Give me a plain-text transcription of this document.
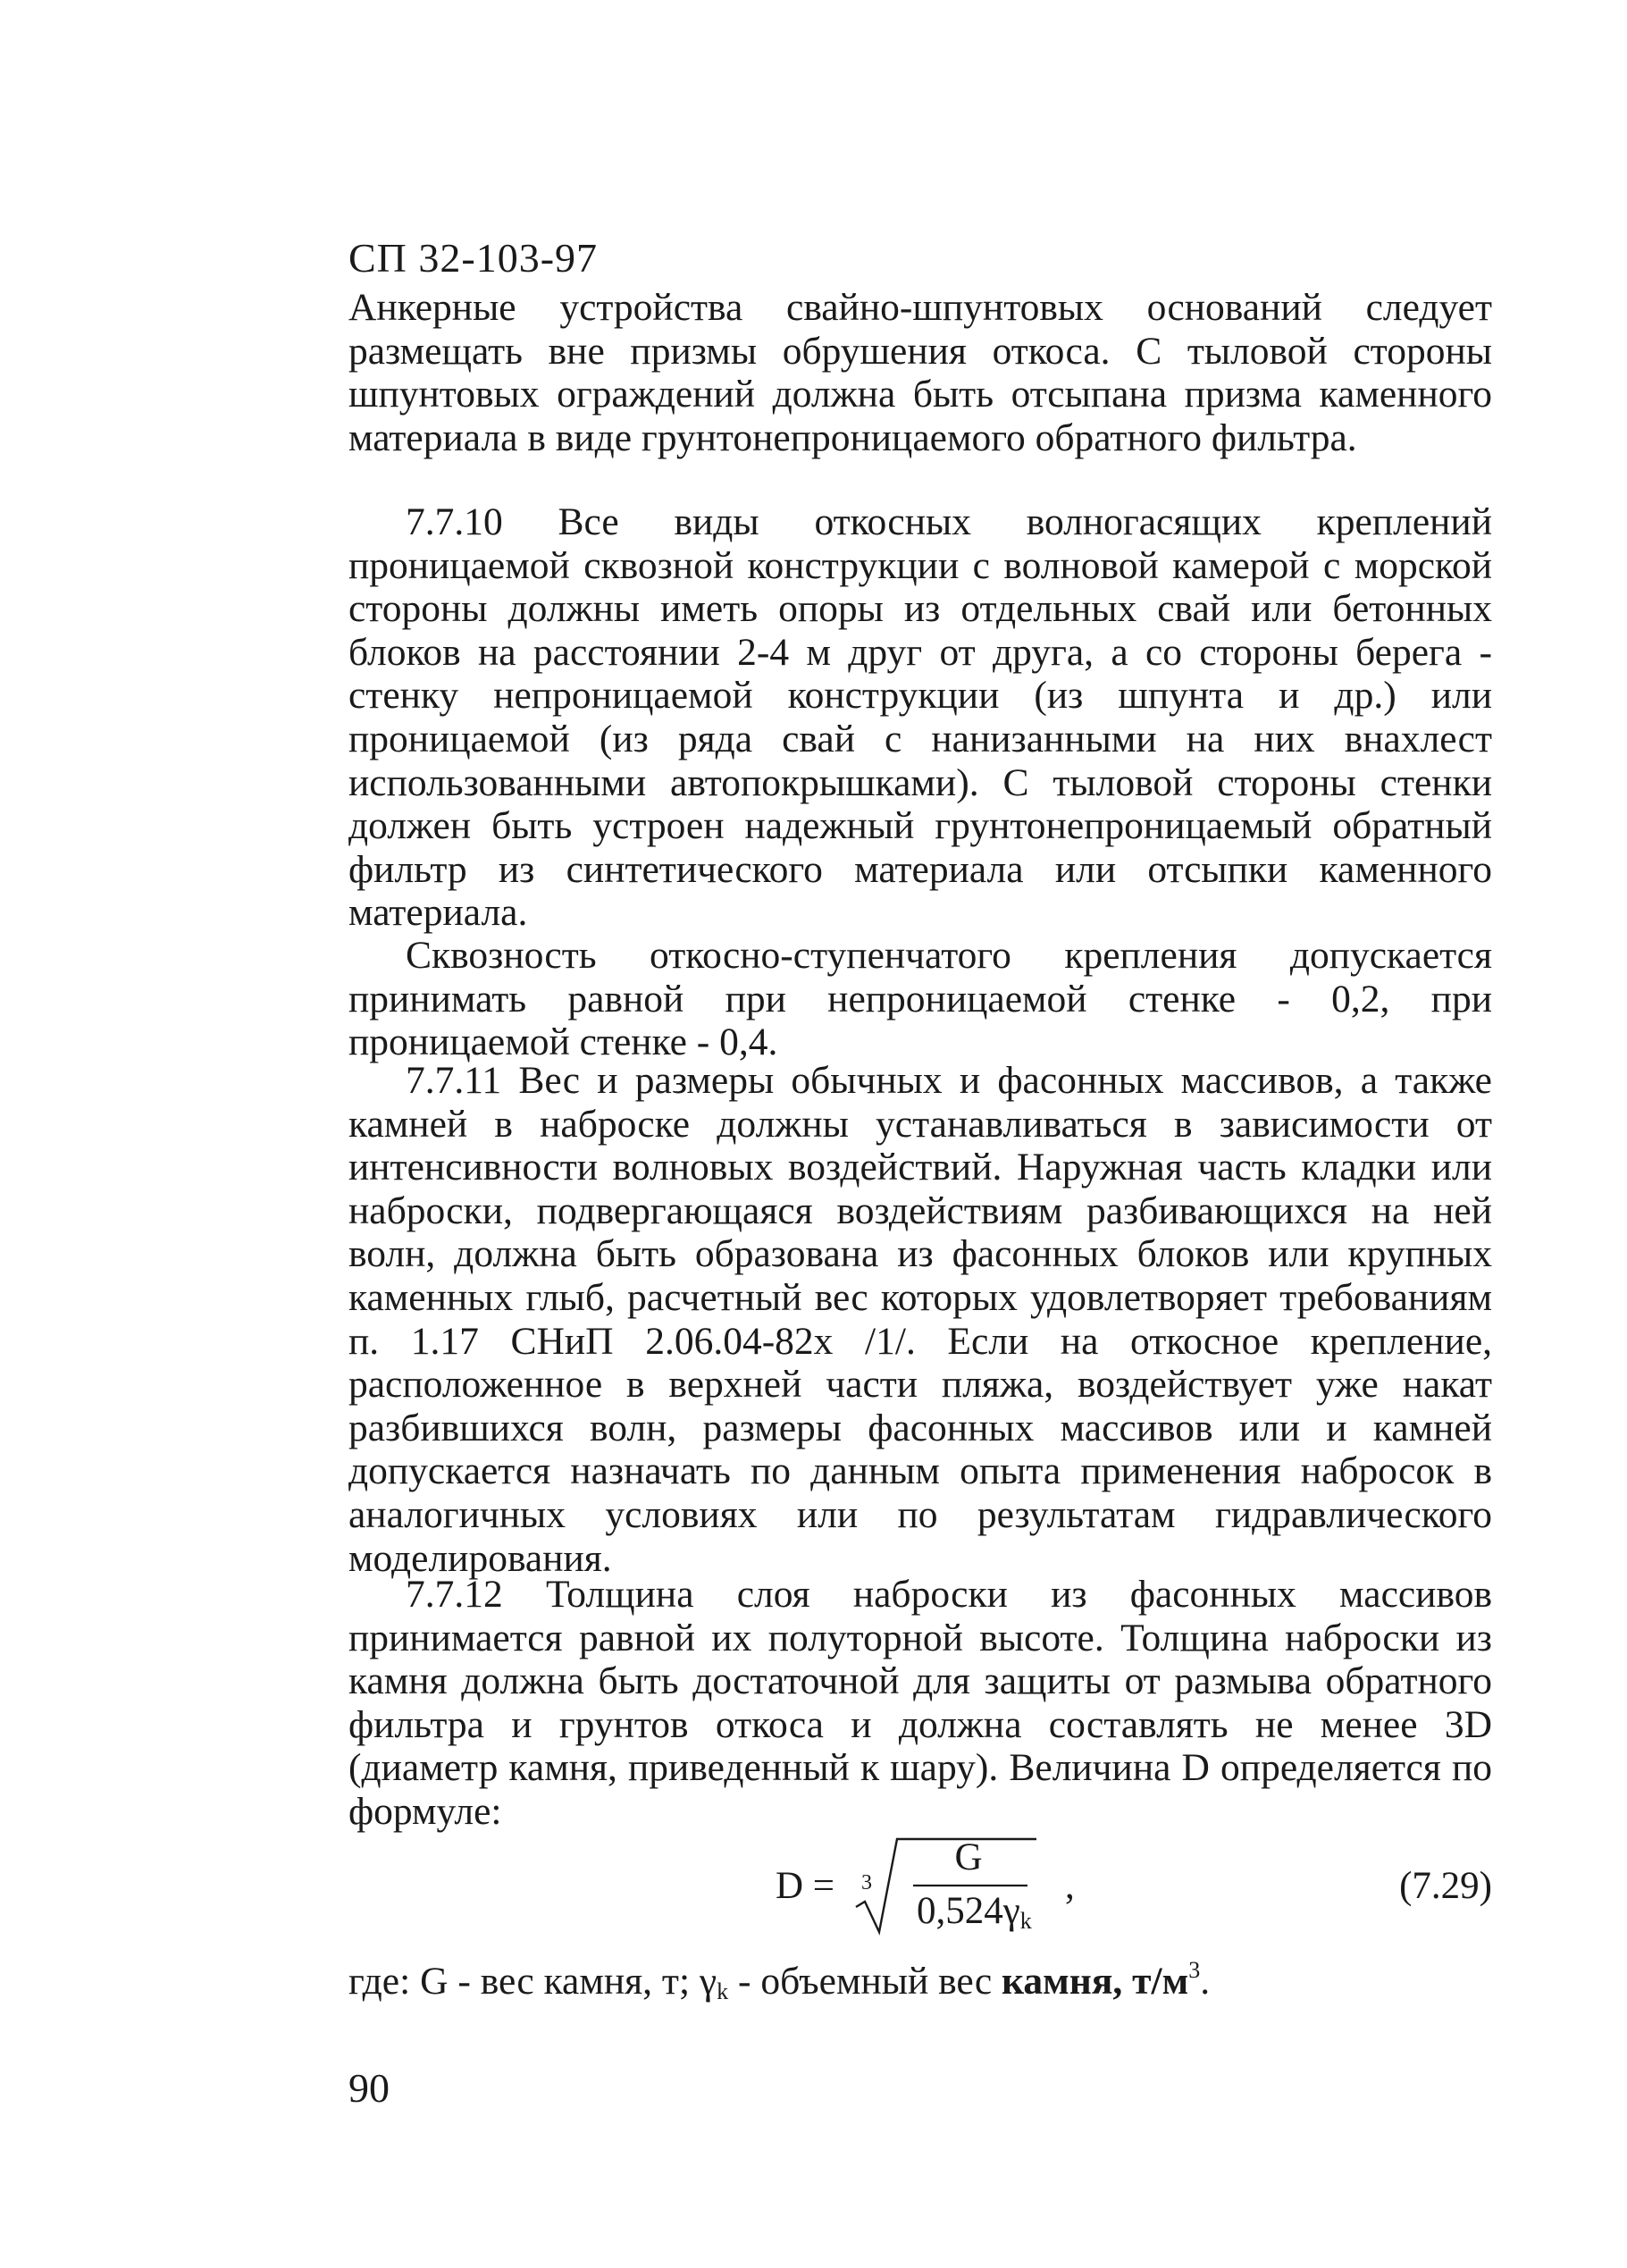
СП 32-103-97

Анкерные устройства свайно-шпунтовых оснований следует размещать вне призмы обрушения откоса. С тыловой стороны шпунтовых ограждений должна быть отсыпана призма каменного материала в виде грунтонепроницаемого обратного фильтра.

7.7.10 Все виды откосных волногасящих креплений проницаемой сквозной конструкции с волновой камерой с морской стороны должны иметь опоры из отдельных свай или бетонных блоков на расстоянии 2-4 м друг от друга, а со стороны берега - стенку непроницаемой конструкции (из шпунта и др.) или проницаемой (из ряда свай с нанизанными на них внахлест использованными автопокрышками). С тыловой стороны стенки должен быть устроен надежный грунтонепроницаемый обратный фильтр из синтетического материала или отсыпки каменного материала.

Сквозность откосно-ступенчатого крепления допускается принимать равной при непроницаемой стенке - 0,2, при проницаемой стенке - 0,4.

7.7.11 Вес и размеры обычных и фасонных массивов, а также камней в наброске должны устанавливаться в зависимости от интенсивности волновых воздействий. Наружная часть кладки или наброски, подвергающаяся воздействиям разбивающихся на ней волн, должна быть образована из фасонных блоков или крупных каменных глыб, расчетный вес которых удовлетворяет требованиям п. 1.17 СНиП 2.06.04-82х /1/. Если на откосное крепление, расположенное в верхней части пляжа, воздействует уже накат разбившихся волн, размеры фасонных массивов или и камней допускается назначать по данным опыта применения набросок в аналогичных условиях или по результатам гидравлического моделирования.

7.7.12 Толщина слоя наброски из фасонных массивов принимается равной их полуторной высоте. Толщина наброски из камня должна быть достаточной для защиты от размыва обратного фильтра и грунтов откоса и должна составлять не менее 3D (диаметр камня, приведенный к шару). Величина D определяется по формуле:

D = 3
G
$0,524\gamma_k$
,	(7.29)
где: G - вес камня, т; $\gamma_k$ - объемный вес камня, $т/м^3$.
90
